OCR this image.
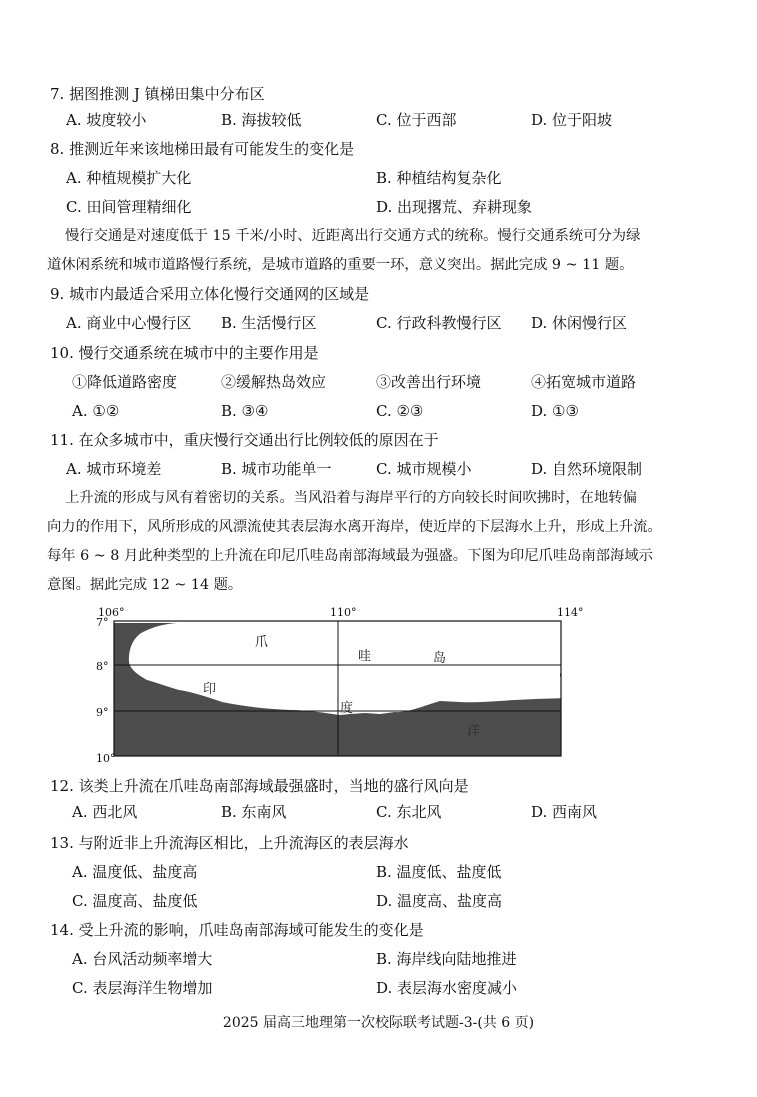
7. 据图推测 J 镇梯田集中分布区
A. 坡度较小	B. 海拔较低	C. 位于西部	D. 位于阳坡
8. 推测近年来该地梯田最有可能发生的变化是
A. 种植规模扩大化	B. 种植结构复杂化
C. 田间管理精细化	D. 出现撂荒、弃耕现象
慢行交通是对速度低于 15 千米/小时、近距离出行交通方式的统称。慢行交通系统可分为绿
道休闲系统和城市道路慢行系统，是城市道路的重要一环，意义突出。据此完成 9 ~ 11 题。
9. 城市内最适合采用立体化慢行交通网的区域是
A. 商业中心慢行区 B. 生活慢行区	C. 行政科教慢行区 D. 休闲慢行区
10. 慢行交通系统在城市中的主要作用是
①降低道路密度	②缓解热岛效应	③改善出行环境	④拓宽城市道路
A. ①②	B. ③④	C. ②③	D. ①③
11. 在众多城市中，重庆慢行交通出行比例较低的原因在于
A. 城市环境差	B. 城市功能单一	C. 城市规模小	D. 自然环境限制
上升流的形成与风有着密切的关系。当风沿着与海岸平行的方向较长时间吹拂时，在地转偏
向力的作用下，风所形成的风漂流使其表层海水离开海岸，使近岸的下层海水上升，形成上升流。
每年 6 ~ 8 月此种类型的上升流在印尼爪哇岛南部海域最为强盛。下图为印尼爪哇岛南部海域示
意图。据此完成 12 ~ 14 题。
106°	110°	114°
7°
8°
9°
10°
爪
哇	岛
印
度
洋
12. 该类上升流在爪哇岛南部海域最强盛时，当地的盛行风向是
A. 西北风	B. 东南风	C. 东北风	D. 西南风
13. 与附近非上升流海区相比，上升流海区的表层海水
A. 温度低、盐度高	B. 温度低、盐度低
C. 温度高、盐度低	D. 温度高、盐度高
14. 受上升流的影响，爪哇岛南部海域可能发生的变化是
A. 台风活动频率增大	B. 海岸线向陆地推进
C. 表层海洋生物增加	D. 表层海水密度减小
2025 届高三地理第一次校际联考试题-3-(共 6 页)
